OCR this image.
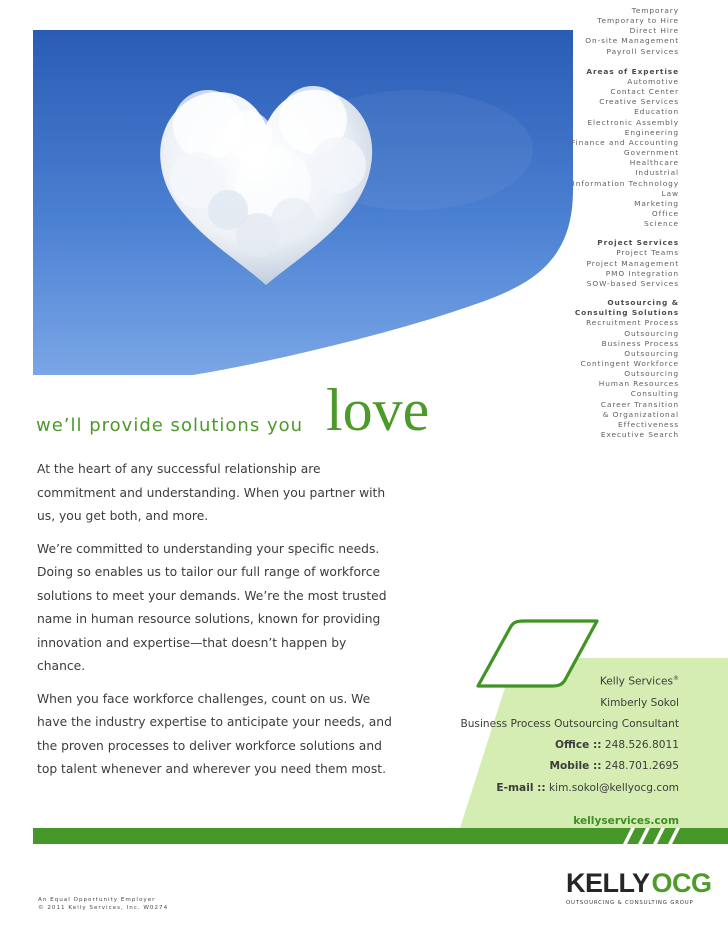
Temporary
Temporary to Hire
Direct Hire
On-site Management
Payroll Services
Areas of Expertise
Automotive
Contact Center
Creative Services
Education
Electronic Assembly
Engineering
Finance and Accounting
Government
Healthcare
Industrial
Information Technology
Law
Marketing
Office
Science
Project Services
Project Teams
Project Management
PMO Integration
SOW-based Services
Outsourcing &
Consulting Solutions
Recruitment Process
Outsourcing
Business Process
Outsourcing
Contingent Workforce
Outsourcing
Human Resources
Consulting
Career Transition
& Organizational
Effectiveness
Executive Search
we’ll provide solutions you love

At the heart of any successful relationship are commitment and understanding. When you partner with us, you get both, and more.

We’re committed to understanding your specific needs. Doing so enables us to tailor our full range of workforce solutions to meet your demands. We’re the most trusted name in human resource solutions, known for providing innovation and expertise—that doesn’t happen by chance.

When you face workforce challenges, count on us. We have the industry expertise to anticipate your needs, and the proven processes to deliver workforce solutions and top talent whenever and wherever you need them most.

Kelly Services®
Kimberly Sokol
Business Process Outsourcing Consultant
Office :: 248.526.8011
Mobile :: 248.701.2695
E-mail :: kim.sokol@kellyocg.com
kellyservices.com
An Equal Opportunity Employer
© 2011 Kelly Services, Inc. W0274
KELLYOCG
OUTSOURCING & CONSULTING GROUP
